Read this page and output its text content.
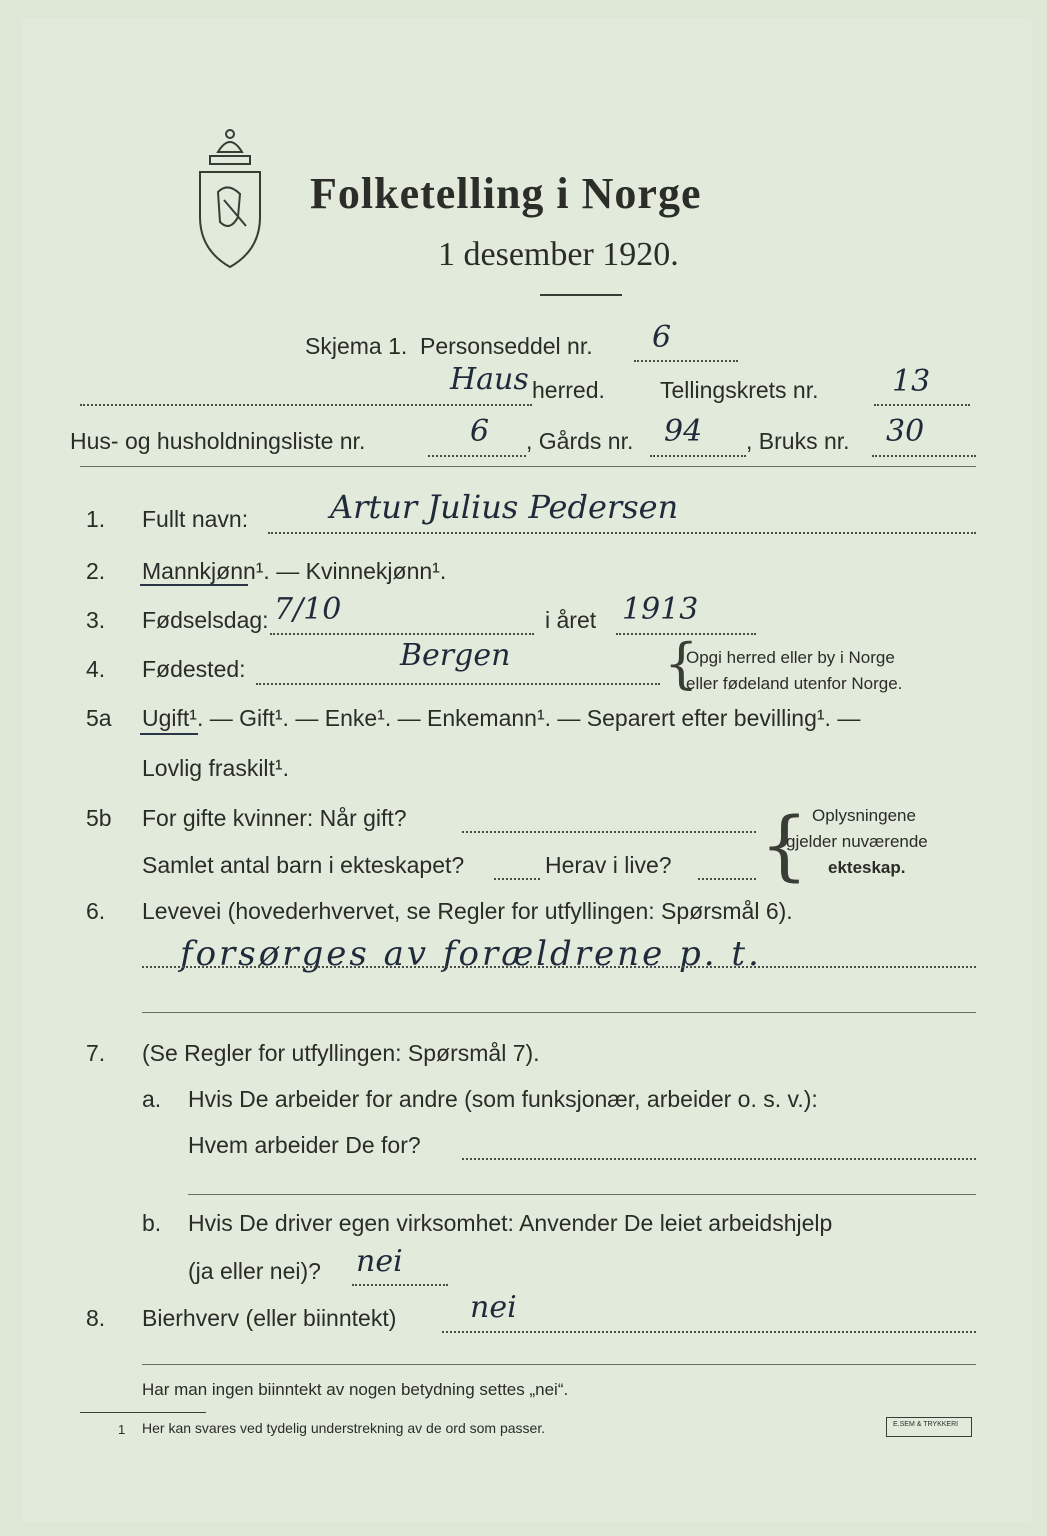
Folketelling i Norge
1 desember 1920.
Skjema 1. Personseddel nr. 6
Haus herred. Tellingskrets nr. 13
Hus- og husholdningsliste nr.	6 , Gårds nr. 94 , Bruks nr. 30
1. Fullt navn:	Artur Julius Pedersen
2. Mannkjønn¹. — Kvinnekjønn¹.
3. Fødselsdag: 7/10	i året 1913
4. Fødested:	Bergen	{
Opgi herred eller by i Norge
eller fødeland utenfor Norge.
5a Ugift¹. — Gift¹. — Enke¹. — Enkemann¹. — Separert efter bevilling¹. —
Lovlig fraskilt¹.
5b For gifte kvinner: Når gift?
Samlet antal barn i ekteskapet?	Herav i live? { Oplysningene
gjelder nuværende
ekteskap.
6. Levevei (hovederhvervet, se Regler for utfyllingen: Spørsmål 6).
forsørges av forældrene p. t.
7. (Se Regler for utfyllingen: Spørsmål 7).
a. Hvis De arbeider for andre (som funksjonær, arbeider o. s. v.):
Hvem arbeider De for?
b. Hvis De driver egen virksomhet: Anvender De leiet arbeidshjelp
(ja eller nei)? nei
8. Bierhverv (eller biinntekt) nei
Har man ingen biinntekt av nogen betydning settes „nei“.
1 Her kan svares ved tydelig understrekning av de ord som passer.	E.SEM & TRYKKERI
